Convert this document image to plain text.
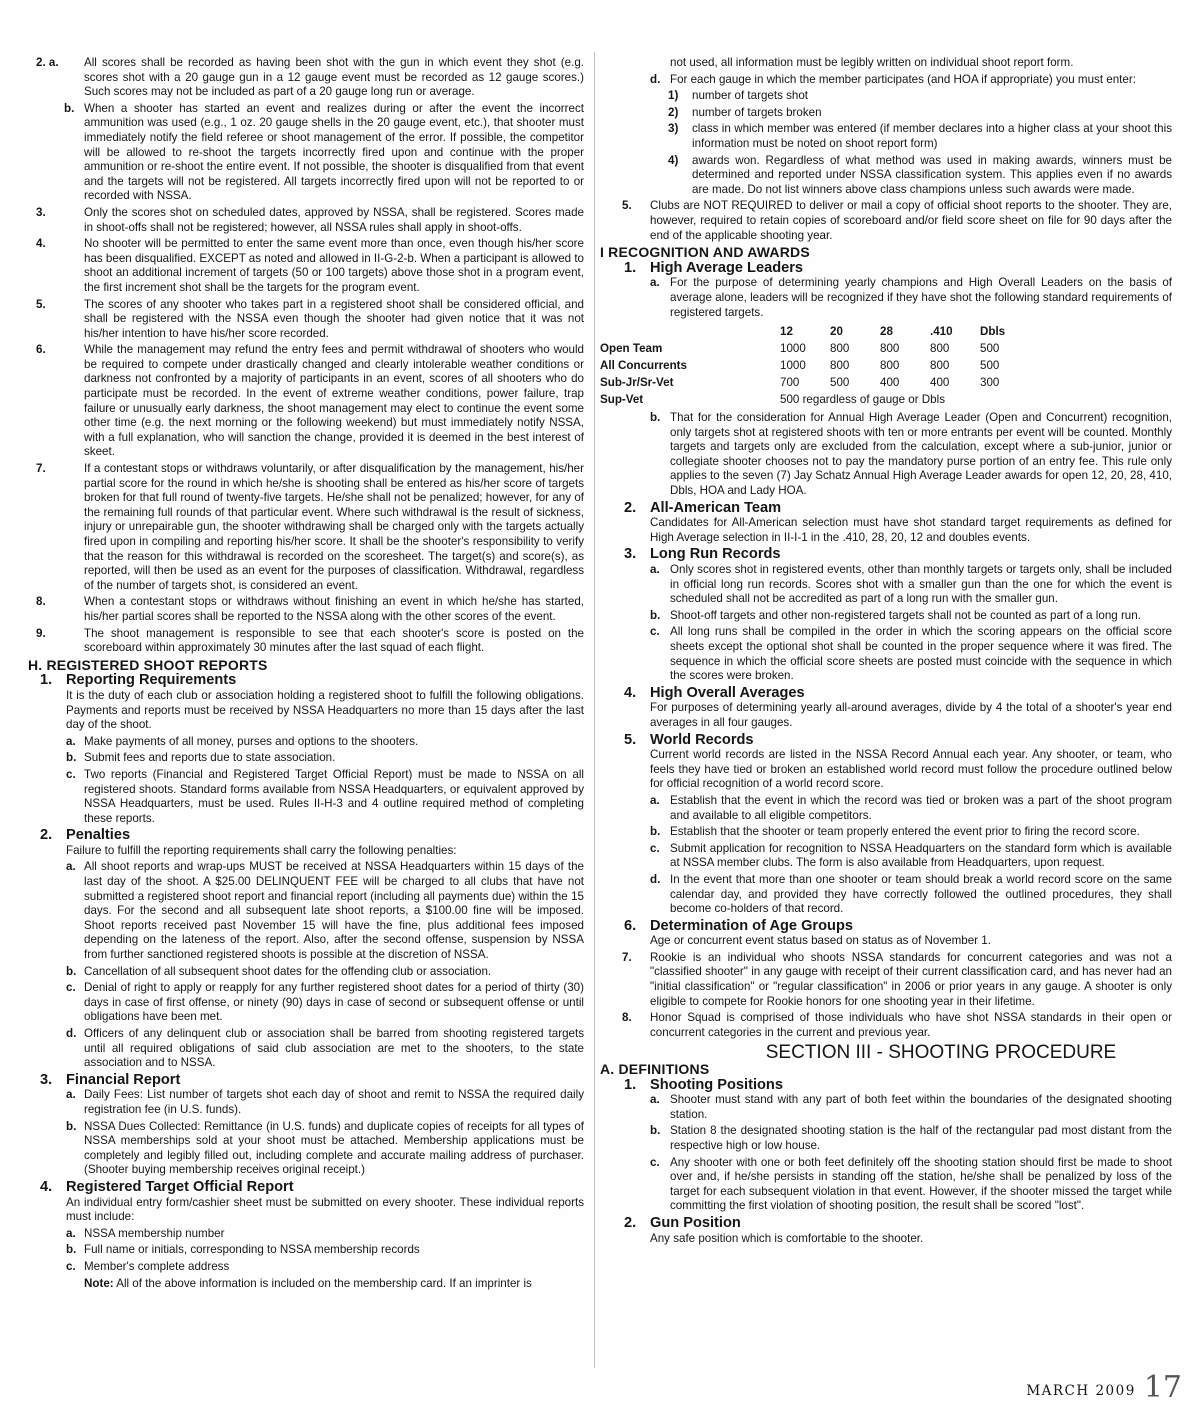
2. a. All scores shall be recorded as having been shot with the gun in which event they shot (e.g. scores shot with a 20 gauge gun in a 12 gauge event must be recorded as 12 gauge scores.) Such scores may not be included as part of a 20 gauge long run or average.
b. When a shooter has started an event and realizes during or after the event the incorrect ammunition was used (e.g., 1 oz. 20 gauge shells in the 20 gauge event, etc.), that shooter must immediately notify the field referee or shoot management of the error. If possible, the competitor will be allowed to re-shoot the targets incorrectly fired upon and continue with the proper ammunition or re-shoot the entire event. If not possible, the shooter is disqualified from that event and the targets will not be registered. All targets incorrectly fired upon will not be reported to or recorded with NSSA.
3.	Only the scores shot on scheduled dates, approved by NSSA, shall be registered. Scores made in shoot-offs shall not be registered; however, all NSSA rules shall apply in shoot-offs.
4.	No shooter will be permitted to enter the same event more than once, even though his/her score has been disqualified. EXCEPT as noted and allowed in II-G-2-b. When a participant is allowed to shoot an additional increment of targets (50 or 100 targets) above those shot in a program event, the first increment shot shall be the targets for the program event.
5.	The scores of any shooter who takes part in a registered shoot shall be considered official, and shall be registered with the NSSA even though the shooter had given notice that it was not his/her intention to have his/her score recorded.
6.	While the management may refund the entry fees and permit withdrawal of shooters who would be required to compete under drastically changed and clearly intolerable weather conditions or darkness not confronted by a majority of participants in an event, scores of all shooters who do participate must be recorded. In the event of extreme weather conditions, power failure, trap failure or unusually early darkness, the shoot management may elect to continue the event some other time (e.g. the next morning or the following weekend) but must immediately notify NSSA, with a full explanation, who will sanction the change, provided it is deemed in the best interest of skeet.
7.	If a contestant stops or withdraws voluntarily, or after disqualification by the management, his/her partial score for the round in which he/she is shooting shall be entered as his/her score of targets broken for that full round of twenty-five targets. He/she shall not be penalized; however, for any of the remaining full rounds of that particular event. Where such withdrawal is the result of sickness, injury or unrepairable gun, the shooter withdrawing shall be charged only with the targets actually fired upon in compiling and reporting his/her score. It shall be the shooter's responsibility to verify that the reason for this withdrawal is recorded on the scoresheet. The target(s) and score(s), as reported, will then be used as an event for the purposes of classification. Withdrawal, regardless of the number of targets shot, is considered an event.
8.	When a contestant stops or withdraws without finishing an event in which he/she has started, his/her partial scores shall be reported to the NSSA along with the other scores of the event.
9.	The shoot management is responsible to see that each shooter's score is posted on the scoreboard within approximately 30 minutes after the last squad of each flight.
H. REGISTERED SHOOT REPORTS
1. Reporting Requirements
It is the duty of each club or association holding a registered shoot to fulfill the following obligations. Payments and reports must be received by NSSA Headquarters no more than 15 days after the last day of the shoot.
a. Make payments of all money, purses and options to the shooters.
b. Submit fees and reports due to state association.
c. Two reports (Financial and Registered Target Official Report) must be made to NSSA on all registered shoots. Standard forms available from NSSA Headquarters, or equivalent approved by NSSA Headquarters, must be used. Rules II-H-3 and 4 outline required method of completing these reports.
2. Penalties
Failure to fulfill the reporting requirements shall carry the following penalties:
a. All shoot reports and wrap-ups MUST be received at NSSA Headquarters within 15 days of the last day of the shoot. A $25.00 DELINQUENT FEE will be charged to all clubs that have not submitted a registered shoot report and financial report (including all payments due) within the 15 days. For the second and all subsequent late shoot reports, a $100.00 fine will be imposed. Shoot reports received past November 15 will have the fine, plus additional fees imposed depending on the lateness of the report. Also, after the second offense, suspension by NSSA from further sanctioned registered shoots is possible at the discretion of NSSA.
b. Cancellation of all subsequent shoot dates for the offending club or association.
c. Denial of right to apply or reapply for any further registered shoot dates for a period of thirty (30) days in case of first offense, or ninety (90) days in case of second or subsequent offense or until obligations have been met.
d. Officers of any delinquent club or association shall be barred from shooting registered targets until all required obligations of said club association are met to the shooters, to the state association and to NSSA.
3. Financial Report
a. Daily Fees: List number of targets shot each day of shoot and remit to NSSA the required daily registration fee (in U.S. funds).
b. NSSA Dues Collected: Remittance (in U.S. funds) and duplicate copies of receipts for all types of NSSA memberships sold at your shoot must be attached. Membership applications must be completely and legibly filled out, including complete and accurate mailing address of purchaser. (Shooter buying membership receives original receipt.)
4. Registered Target Official Report
An individual entry form/cashier sheet must be submitted on every shooter. These individual reports must include:
a. NSSA membership number
b. Full name or initials, corresponding to NSSA membership records
c. Member's complete address
Note: All of the above information is included on the membership card. If an imprinter is
not used, all information must be legibly written on individual shoot report form.
d. For each gauge in which the member participates (and HOA if appropriate) you must enter:
1) number of targets shot
2) number of targets broken
3) class in which member was entered (if member declares into a higher class at your shoot this information must be noted on shoot report form)
4) awards won. Regardless of what method was used in making awards, winners must be determined and reported under NSSA classification system. This applies even if no awards are made. Do not list winners above class champions unless such awards were made.
5. Clubs are NOT REQUIRED to deliver or mail a copy of official shoot reports to the shooter. They are, however, required to retain copies of scoreboard and/or field score sheet on file for 90 days after the end of the applicable shooting year.
I RECOGNITION AND AWARDS
1. High Average Leaders
a. For the purpose of determining yearly champions and High Overall Leaders on the basis of average alone, leaders will be recognized if they have shot the following standard requirements of registered targets.
	12	20	28	.410	Dbls
Open Team	1000	800	800	800	500
All Concurrents	1000	800	800	800	500
Sub-Jr/Sr-Vet	700	500	400	400	300
Sup-Vet	500 regardless of gauge or Dbls				
b. That for the consideration for Annual High Average Leader (Open and Concurrent) recognition, only targets shot at registered shoots with ten or more entrants per event will be counted. Monthly targets and targets only are excluded from the calculation, except where a sub-junior, junior or collegiate shooter chooses not to pay the mandatory purse portion of an entry fee. This rule only applies to the seven (7) Jay Schatz Annual High Average Leader awards for open 12, 20, 28, 410, Dbls, HOA and Lady HOA.
2. All-American Team
Candidates for All-American selection must have shot standard target requirements as defined for High Average selection in II-I-1 in the .410, 28, 20, 12 and doubles events.
3. Long Run Records
a. Only scores shot in registered events, other than monthly targets or targets only, shall be included in official long run records. Scores shot with a smaller gun than the one for which the event is scheduled shall not be accredited as part of a long run with the smaller gun.
b. Shoot-off targets and other non-registered targets shall not be counted as part of a long run.
c. All long runs shall be compiled in the order in which the scoring appears on the official score sheets except the optional shot shall be counted in the proper sequence where it was fired. The sequence in which the official score sheets are posted must coincide with the sequence in which the scores were broken.
4. High Overall Averages
For purposes of determining yearly all-around averages, divide by 4 the total of a shooter's year end averages in all four gauges.
5. World Records
Current world records are listed in the NSSA Record Annual each year. Any shooter, or team, who feels they have tied or broken an established world record must follow the procedure outlined below for official recognition of a world record score.
a. Establish that the event in which the record was tied or broken was a part of the shoot program and available to all eligible competitors.
b. Establish that the shooter or team properly entered the event prior to firing the record score.
c. Submit application for recognition to NSSA Headquarters on the standard form which is available at NSSA member clubs. The form is also available from Headquarters, upon request.
d. In the event that more than one shooter or team should break a world record score on the same calendar day, and provided they have correctly followed the outlined procedures, they shall become co-holders of that record.
6. Determination of Age Groups
Age or concurrent event status based on status as of November 1.
7. Rookie is an individual who shoots NSSA standards for concurrent categories and was not a "classified shooter" in any gauge with receipt of their current classification card, and has never had an "initial classification" or "regular classification" in 2006 or prior years in any gauge. A shooter is only eligible to compete for Rookie honors for one shooting year in their lifetime.
8. Honor Squad is comprised of those individuals who have shot NSSA standards in their open or concurrent categories in the current and previous year.
SECTION III - SHOOTING PROCEDURE
A. DEFINITIONS
1. Shooting Positions
a. Shooter must stand with any part of both feet within the boundaries of the designated shooting station.
b. Station 8 the designated shooting station is the half of the rectangular pad most distant from the respective high or low house.
c. Any shooter with one or both feet definitely off the shooting station should first be made to shoot over and, if he/she persists in standing off the station, he/she shall be penalized by loss of the target for each subsequent violation in that event. However, if the shooter missed the target while committing the first violation of shooting position, the result shall be scored "lost".
2. Gun Position
Any safe position which is comfortable to the shooter.
MARCH 2009 17
